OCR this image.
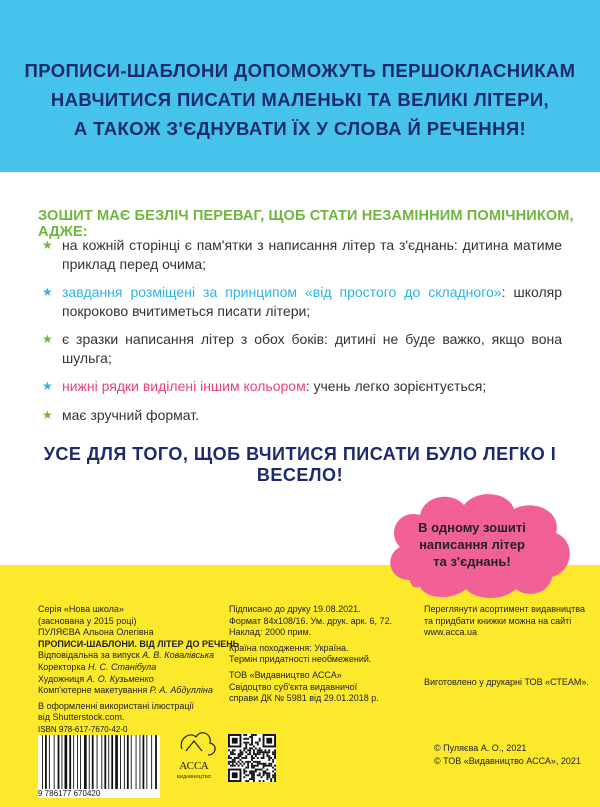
ПРОПИСИ-ШАБЛОНИ ДОПОМОЖУТЬ ПЕРШОКЛАСНИКАМ
НАВЧИТИСЯ ПИСАТИ МАЛЕНЬКІ ТА ВЕЛИКІ ЛІТЕРИ,
А ТАКОЖ З'ЄДНУВАТИ ЇХ У СЛОВА Й РЕЧЕННЯ!
ЗОШИТ МАЄ БЕЗЛІЧ ПЕРЕВАГ, ЩОБ СТАТИ НЕЗАМІННИМ ПОМІЧНИКОМ, АДЖЕ:
★ на кожній сторінці є пам'ятки з написання літер та з'єднань: дитина матиме приклад перед очима;
★ завдання розміщені за принципом «від простого до складного»: школяр покроково вчитиметься писати літери;
★ є зразки написання літер з обох боків: дитині не буде важко, якщо вона шульга;
★ нижні рядки виділені іншим кольором: учень легко зорієнтується;
★ має зручний формат.
УСЕ ДЛЯ ТОГО, ЩОБ ВЧИТИСЯ ПИСАТИ БУЛО ЛЕГКО І ВЕСЕЛО!
В одному зошиті
написання літер
та з'єднань!
Серія «Нова школа»
(заснована у 2015 році)
ПУЛЯЄВА Альона Олегівна
ПРОПИСИ-ШАБЛОНИ. ВІД ЛІТЕР ДО РЕЧЕНЬ
Відповідальна за випуск А. В. Ковалівська
Коректорка Н. С. Станібула
Художниця А. О. Кузьменко
Комп'ютерне макетування Р. А. Абдулліна
В оформленні використані ілюстрації
від Shutterstock.com.
Підписано до друку 19.08.2021.
Формат 84х108/16. Ум. друк. арк. 6, 72.
Наклад: 2000 прим.
Країна походження: Україна.
Термін придатності необмежений.
ТОВ «Видавництво АССА»
Свідоцтво суб'єкта видавничої
справи ДК № 5981 від 29.01.2018 р.
Переглянути асортимент видавництва
та придбати книжки можна на сайті
www.acca.ua
Виготовлено у друкарні ТОВ «СТЕАМ».
ISBN 978-617-7670-42-0
9 786177 670420
АССА
ВИДАВНИЦТВО
© Пуляєва А. О., 2021
© ТОВ «Видавництво АССА», 2021
